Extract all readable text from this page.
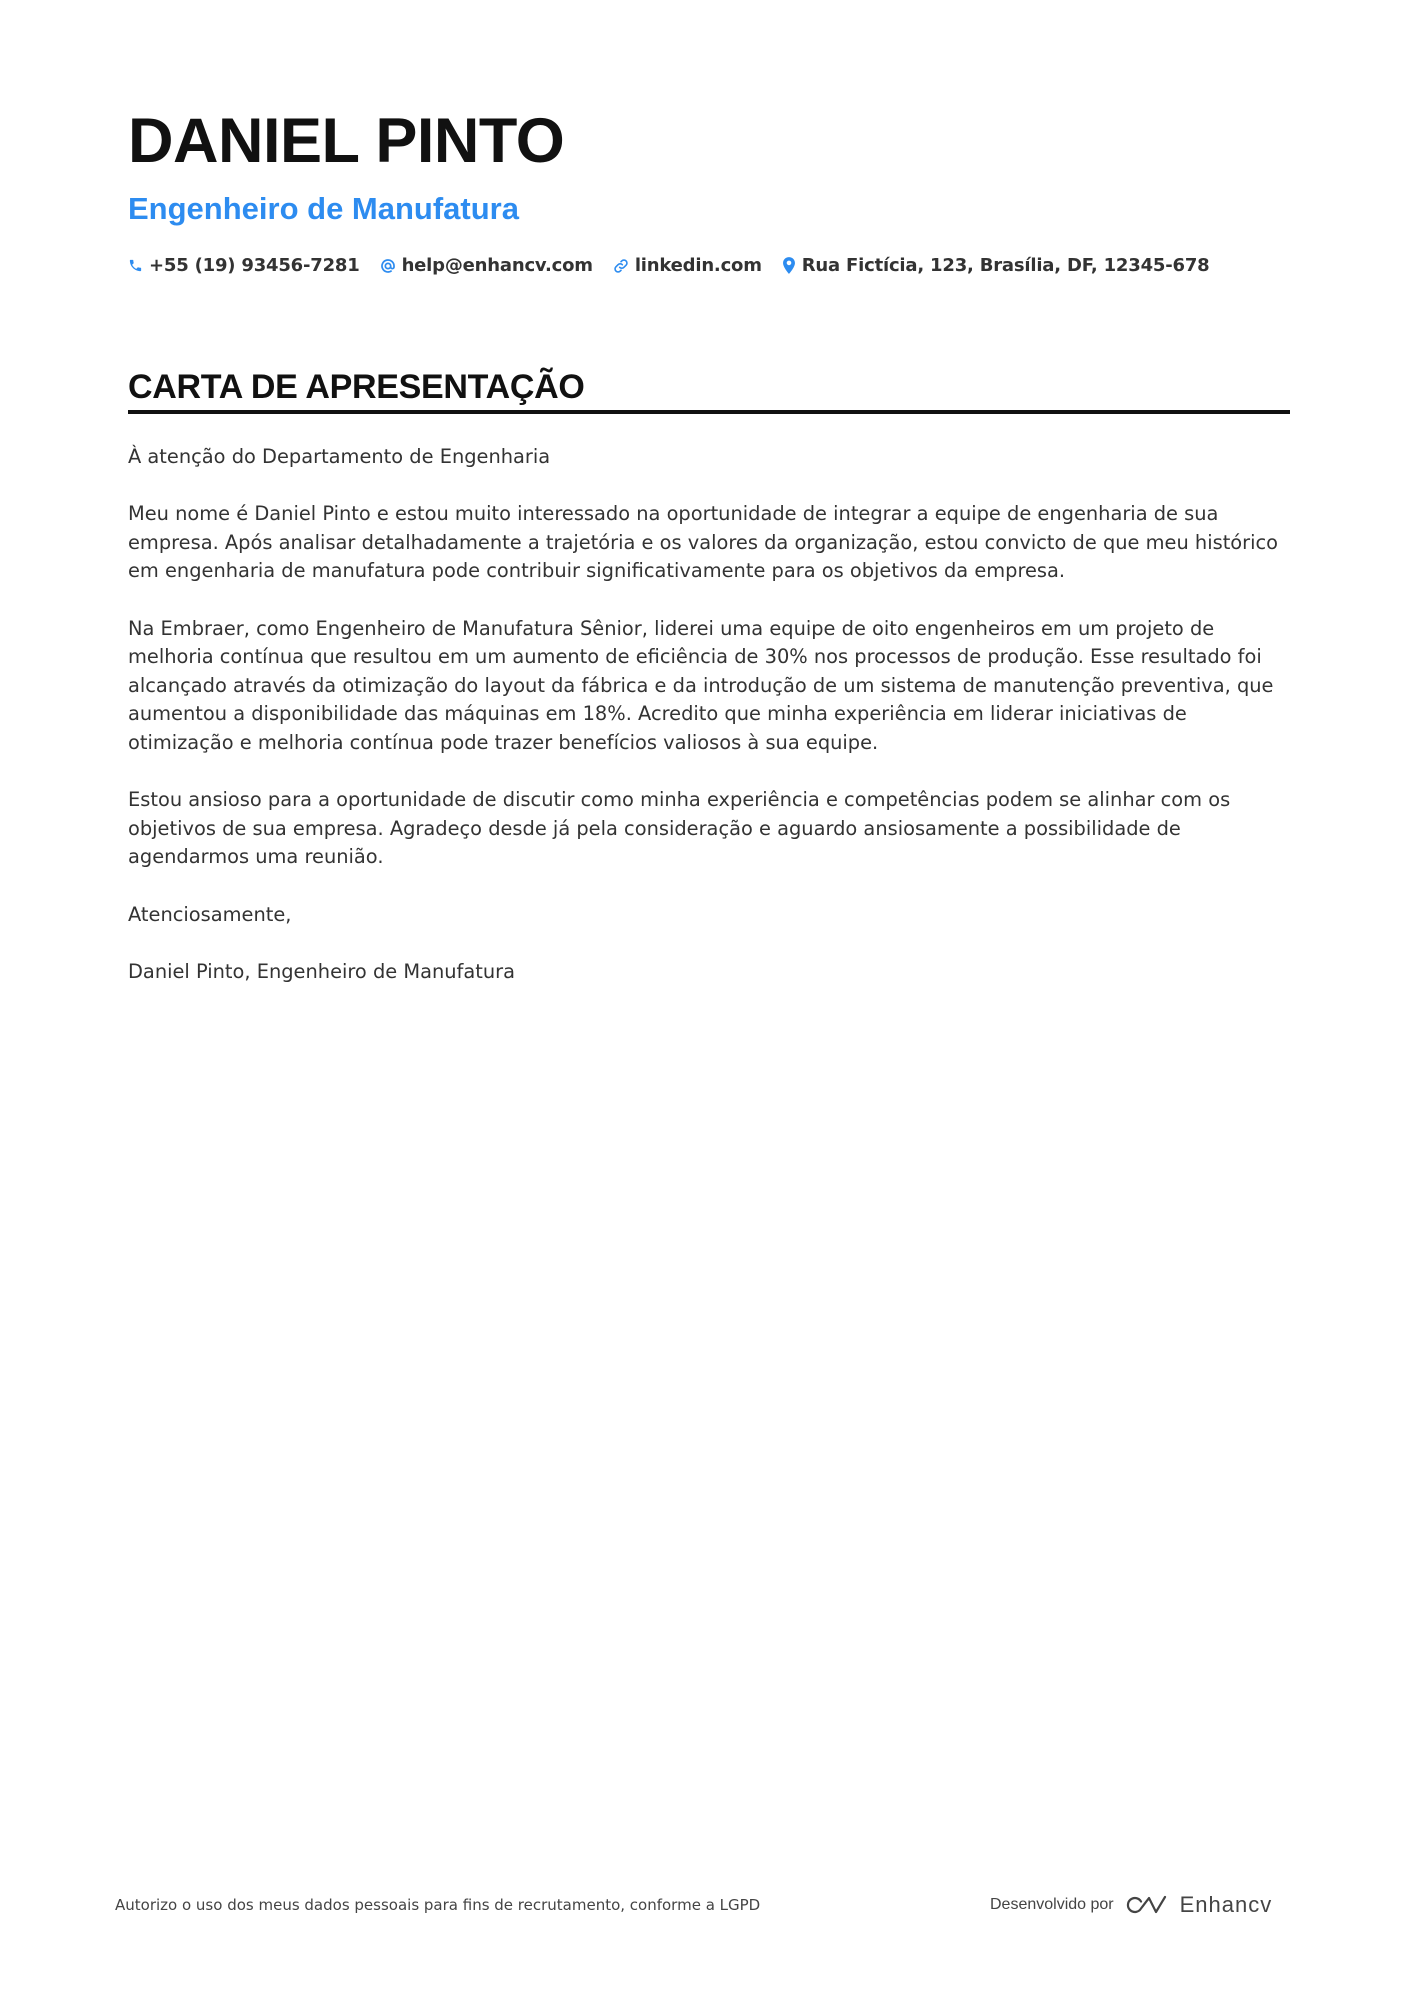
DANIEL PINTO
Engenheiro de Manufatura
+55 (19) 93456-7281 help@enhancv.com linkedin.com Rua Fictícia, 123, Brasília, DF, 12345-678
CARTA DE APRESENTAÇÃO

À atenção do Departamento de Engenharia

Meu nome é Daniel Pinto e estou muito interessado na oportunidade de integrar a equipe de engenharia de sua empresa. Após analisar detalhadamente a trajetória e os valores da organização, estou convicto de que meu histórico em engenharia de manufatura pode contribuir significativamente para os objetivos da empresa.

Na Embraer, como Engenheiro de Manufatura Sênior, liderei uma equipe de oito engenheiros em um projeto de melhoria contínua que resultou em um aumento de eficiência de 30% nos processos de produção. Esse resultado foi alcançado através da otimização do layout da fábrica e da introdução de um sistema de manutenção preventiva, que aumentou a disponibilidade das máquinas em 18%. Acredito que minha experiência em liderar iniciativas de otimização e melhoria contínua pode trazer benefícios valiosos à sua equipe.

Estou ansioso para a oportunidade de discutir como minha experiência e competências podem se alinhar com os objetivos de sua empresa. Agradeço desde já pela consideração e aguardo ansiosamente a possibilidade de agendarmos uma reunião.

Atenciosamente,

Daniel Pinto, Engenheiro de Manufatura

Autorizo o uso dos meus dados pessoais para fins de recrutamento, conforme a LGPD	Desenvolvido por	Enhancv
